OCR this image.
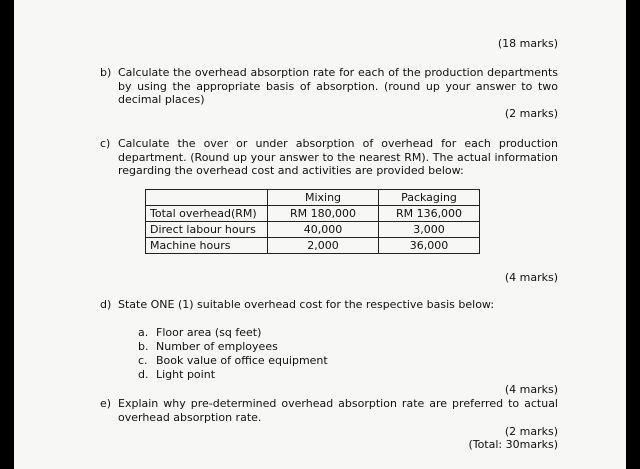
(18 marks)
b) Calculate the overhead absorption rate for each of the production departments by using the appropriate basis of absorption. (round up your answer to two decimal places)
(2 marks)
c) Calculate the over or under absorption of overhead for each production department. (Round up your answer to the nearest RM). The actual information regarding the overhead cost and activities are provided below:
	Mixing	Packaging
Total overhead(RM)	RM 180,000	RM 136,000
Direct labour hours	40,000	3,000
Machine hours	2,000	36,000
(4 marks)
d) State ONE (1) suitable overhead cost for the respective basis below:
a. Floor area (sq feet)
b. Number of employees
c. Book value of office equipment
d. Light point
(4 marks)
e) Explain why pre-determined overhead absorption rate are preferred to actual overhead absorption rate.
(2 marks)
(Total: 30marks)
